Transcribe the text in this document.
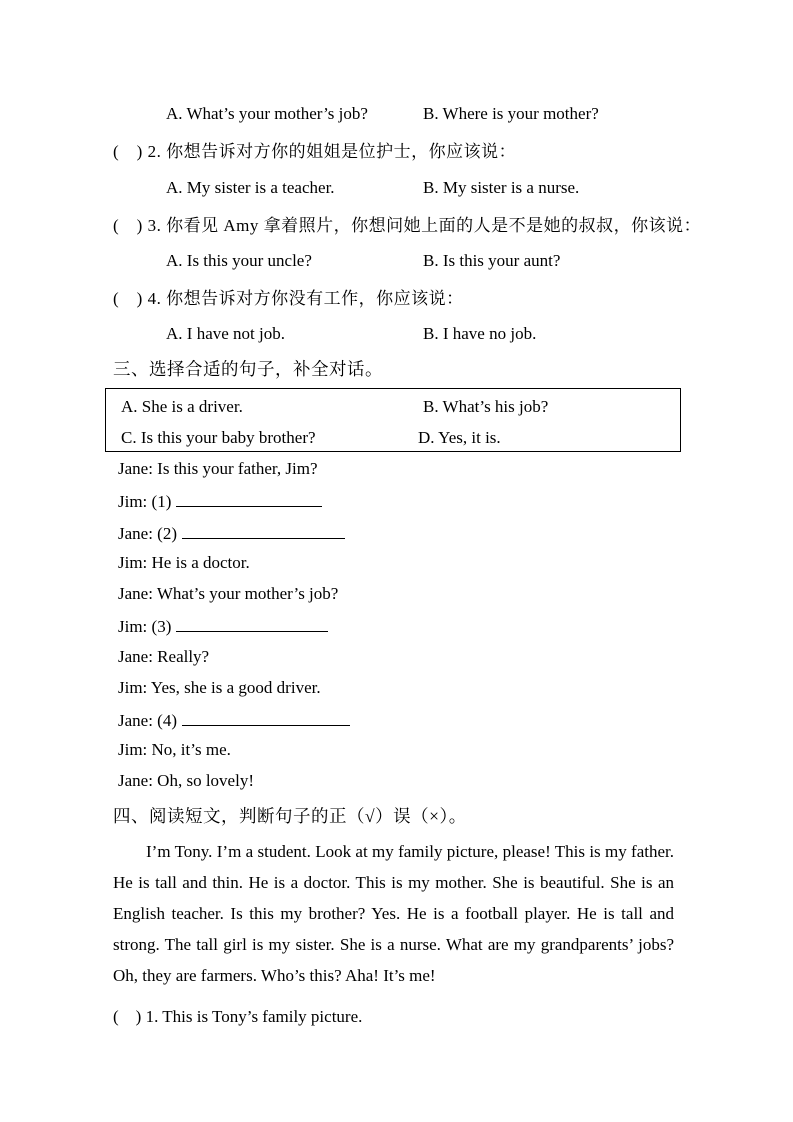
A. What’s your mother’s job?	B. Where is your mother?
(　) 2. 你想告诉对方你的姐姐是位护士，你应该说：
A. My sister is a teacher.	B. My sister is a nurse.
(　) 3. 你看见 Amy 拿着照片，你想问她上面的人是不是她的叔叔，你该说：
A. Is this your uncle?	B. Is this your aunt?
(　) 4. 你想告诉对方你没有工作，你应该说：
A. I have not job.	B. I have no job.
三、选择合适的句子，补全对话。
A. She is a driver.	B. What’s his job?
C. Is this your baby brother?	D. Yes, it is.
Jane: Is this your father, Jim?
Jim: (1)
Jane: (2)
Jim: He is a doctor.
Jane: What’s your mother’s job?
Jim: (3)
Jane: Really?
Jim: Yes, she is a good driver.
Jane: (4)
Jim: No, it’s me.
Jane: Oh, so lovely!
四、阅读短文，判断句子的正（√）误（×）。
I’m Tony. I’m a student. Look at my family picture, please! This is my father. He is tall and thin. He is a doctor. This is my mother. She is beautiful. She is an English teacher. Is this my brother? Yes. He is a football player. He is tall and strong. The tall girl is my sister. She is a nurse. What are my grandparents’ jobs? Oh, they are farmers. Who’s this? Aha! It’s me!
(　) 1. This is Tony’s family picture.
